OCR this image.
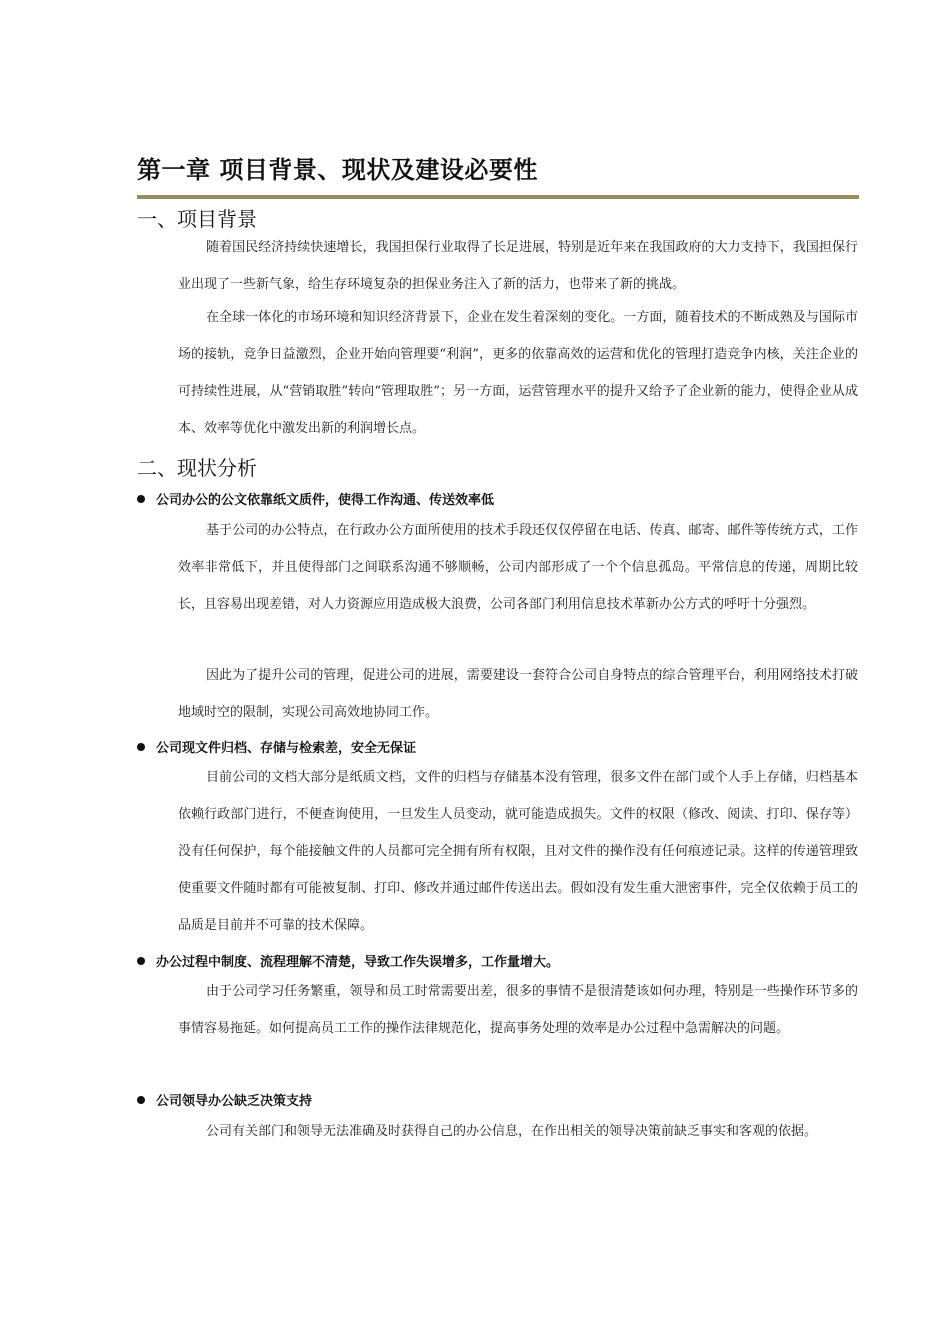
第一章 项目背景、现状及建设必要性
一、项目背景
随着国民经济持续快速增长，我国担保行业取得了长足进展，特别是近年来在我国政府的大力支持下，我国担保行业出现了一些新气象，给生存环境复杂的担保业务注入了新的活力，也带来了新的挑战。
在全球一体化的市场环境和知识经济背景下，企业在发生着深刻的变化。一方面，随着技术的不断成熟及与国际市场的接轨，竞争日益激烈，企业开始向管理要“利润”，更多的依靠高效的运营和优化的管理打造竞争内核，关注企业的可持续性进展，从“营销取胜”转向“管理取胜”；另一方面，运营管理水平的提升又给予了企业新的能力，使得企业从成本、效率等优化中激发出新的利润增长点。
二、现状分析
公司办公的公文依靠纸文质件，使得工作沟通、传送效率低
基于公司的办公特点，在行政办公方面所使用的技术手段还仅仅停留在电话、传真、邮寄、邮件等传统方式，工作效率非常低下，并且使得部门之间联系沟通不够顺畅，公司内部形成了一个个信息孤岛。平常信息的传递，周期比较长，且容易出现差错，对人力资源应用造成极大浪费，公司各部门利用信息技术革新办公方式的呼吁十分强烈。
因此为了提升公司的管理，促进公司的进展，需要建设一套符合公司自身特点的综合管理平台，利用网络技术打破地域时空的限制，实现公司高效地协同工作。
公司现文件归档、存储与检索差，安全无保证
目前公司的文档大部分是纸质文档，文件的归档与存储基本没有管理，很多文件在部门或个人手上存储，归档基本依赖行政部门进行，不便查询使用，一旦发生人员变动，就可能造成损失。文件的权限（修改、阅读、打印、保存等）没有任何保护，每个能接触文件的人员都可完全拥有所有权限，且对文件的操作没有任何痕迹记录。这样的传递管理致使重要文件随时都有可能被复制、打印、修改并通过邮件传送出去。假如没有发生重大泄密事件，完全仅依赖于员工的品质是目前并不可靠的技术保障。
办公过程中制度、流程理解不清楚，导致工作失误增多，工作量增大。
由于公司学习任务繁重，领导和员工时常需要出差，很多的事情不是很清楚该如何办理，特别是一些操作环节多的事情容易拖延。如何提高员工工作的操作法律规范化，提高事务处理的效率是办公过程中急需解决的问题。
公司领导办公缺乏决策支持
公司有关部门和领导无法准确及时获得自己的办公信息，在作出相关的领导决策前缺乏事实和客观的依据。
